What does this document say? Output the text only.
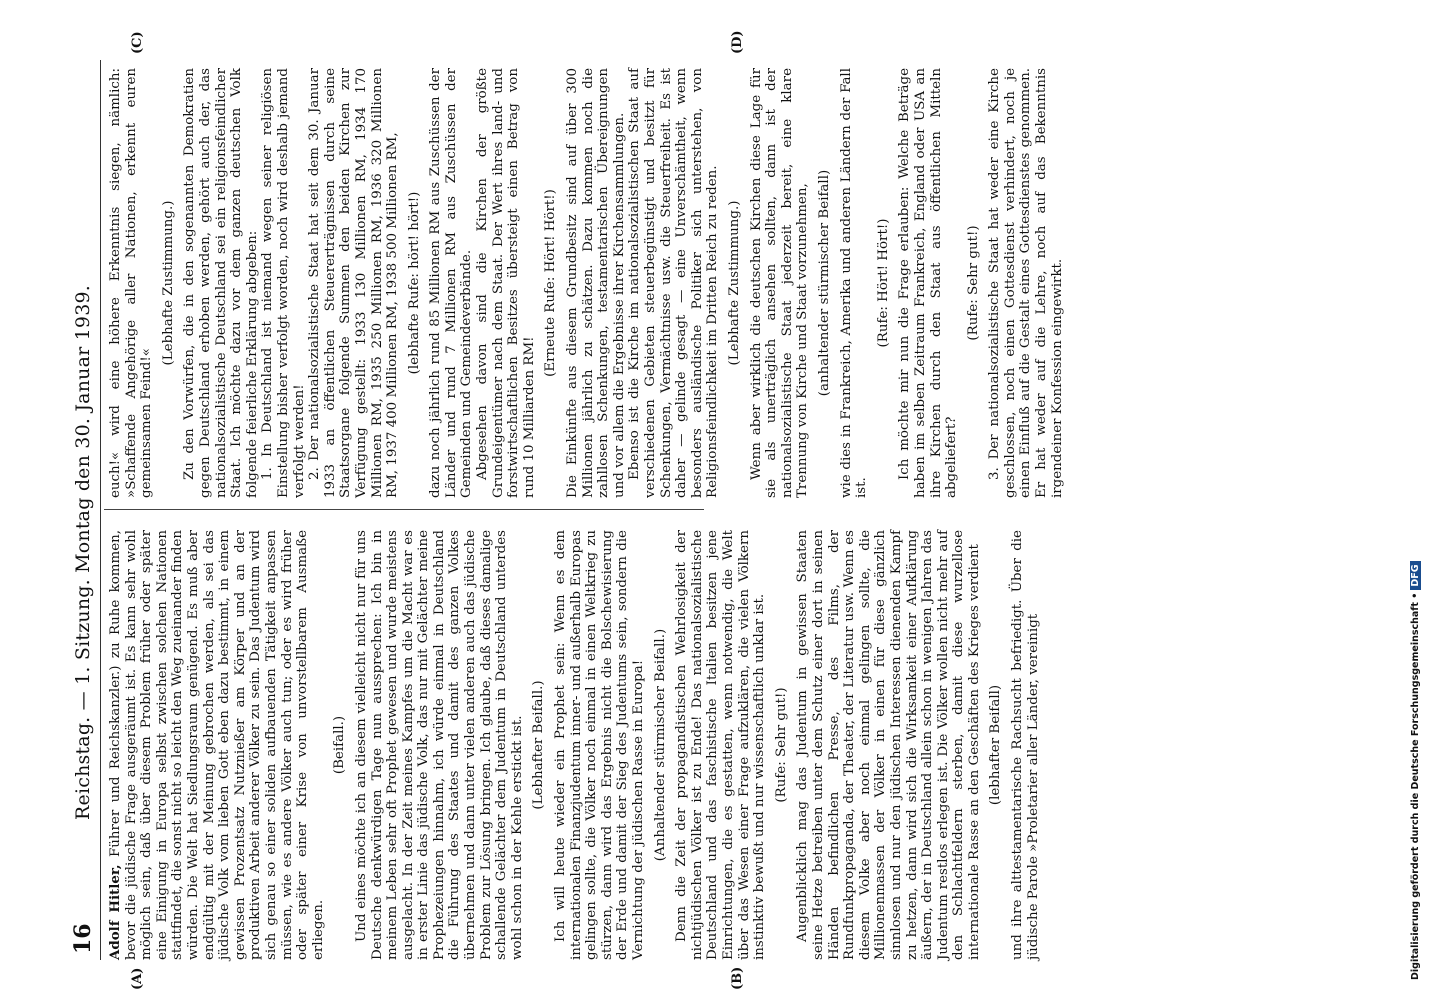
16
Reichstag. — 1. Sitzung. Montag den 30. Januar 1939.
(A)	(B)
(C)	(D)

Adolf Hitler, Führer und Reichskanzler.) zu Ruhe kommen, bevor die jüdische Frage ausgeräumt ist. Es kann sehr wohl möglich sein, daß über diesem Problem früher oder später eine Einigung in Europa selbst zwischen solchen Nationen stattfindet, die sonst nicht so leicht den Weg zueinander finden würden. Die Welt hat Siedlungsraum genügend. Es muß aber endgültig mit der Meinung gebrochen werden, als sei das jüdische Volk vom lieben Gott eben dazu bestimmt, in einem gewissen Prozentsatz Nutznießer am Körper und an der produktiven Arbeit anderer Völker zu sein. Das Judentum wird sich genau so einer soliden aufbauenden Tätigkeit anpassen müssen, wie es andere Völker auch tun; oder es wird früher oder später einer Krise von unvorstellbarem Ausmaße erliegen.

(Beifall.) Und eines möchte ich an diesem vielleicht nicht nur für uns Deutsche denkwürdigen Tage nun aussprechen: Ich bin in meinem Leben sehr oft Prophet gewesen und wurde meistens ausgelacht. In der Zeit meines Kampfes um die Macht war es in erster Linie das jüdische Volk, das nur mit Gelächter meine Prophezeiungen hinnahm, ich würde einmal in Deutschland die Führung des Staates und damit des ganzen Volkes übernehmen und dann unter vielen anderen auch das jüdische Problem zur Lösung bringen. Ich glaube, daß dieses damalige schallende Gelächter dem Judentum in Deutschland unterdes wohl schon in der Kehle erstickt ist. (Lebhafter Beifall.) Ich will heute wieder ein Prophet sein: Wenn es dem internationalen Finanzjudentum inner- und außerhalb Europas gelingen sollte, die Völker noch einmal in einen Weltkrieg zu stürzen, dann wird das Ergebnis nicht die Bolschewisierung der Erde und damit der Sieg des Judentums sein, sondern die Vernichtung der jüdischen Rasse in Europa! (Anhaltender stürmischer Beifall.) Denn die Zeit der propagandistischen Wehrlosigkeit der nichtjüdischen Völker ist zu Ende! Das nationalsozialistische Deutschland und das faschistische Italien besitzen jene Einrichtungen, die es gestatten, wenn notwendig, die Welt über das Wesen einer Frage aufzuklären, die vielen Völkern instinktiv bewußt und nur wissenschaftlich unklar ist. (Rufe: Sehr gut!) Augenblicklich mag das Judentum in gewissen Staaten seine Hetze betreiben unter dem Schutz einer dort in seinen Händen befindlichen Presse, des Films, der Rundfunkpropaganda, der Theater, der Literatur usw. Wenn es diesem Volke aber noch einmal gelingen sollte, die Millionenmassen der Völker in einen für diese gänzlich sinnlosen und nur den jüdischen Interessen dienenden Kampf zu hetzen, dann wird sich die Wirksamkeit einer Aufklärung äußern, der in Deutschland allein schon in wenigen Jahren das Judentum restlos erlegen ist. Die Völker wollen nicht mehr auf den Schlachtfeldern sterben, damit diese wurzellose internationale Rasse an den Geschäften des Krieges verdient (lebhafter Beifall) und ihre alttestamentarische Rachsucht befriedigt. Über die jüdische Parole »Proletarier aller Länder, vereinigt

euch!« wird eine höhere Erkenntnis siegen, nämlich: »Schaffende Angehörige aller Nationen, erkennt euren gemeinsamen Feind!«

(Lebhafte Zustimmung.) Zu den Vorwürfen, die in den sogenannten Demokratien gegen Deutschland erhoben werden, gehört auch der, das nationalsozialistische Deutschland sei ein religionsfeindlicher Staat. Ich möchte dazu vor dem ganzen deutschen Volk folgende feierliche Erklärung abgeben: 1. In Deutschland ist niemand wegen seiner religiösen Einstellung bisher verfolgt worden, noch wird deshalb jemand verfolgt werden! 2. Der nationalsozialistische Staat hat seit dem 30. Januar 1933 an öffentlichen Steuererträgnissen durch seine Staatsorgane folgende Summen den beiden Kirchen zur Verfügung gestellt: 1933 130 Millionen RM, 1934 170 Millionen RM, 1935 250 Millionen RM, 1936 320 Millionen RM, 1937 400 Millionen RM, 1938 500 Millionen RM, (lebhafte Rufe: hört! hört!) dazu noch jährlich rund 85 Millionen RM aus Zuschüssen der Länder und rund 7 Millionen RM aus Zuschüssen der Gemeinden und Gemeindeverbände. Abgesehen davon sind die Kirchen der größte Grundeigentümer nach dem Staat. Der Wert ihres land- und forstwirtschaftlichen Besitzes übersteigt einen Betrag von rund 10 Milliarden RM!

(Erneute Rufe: Hört! Hört!) Die Einkünfte aus diesem Grundbesitz sind auf über 300 Millionen jährlich zu schätzen. Dazu kommen noch die zahllosen Schenkungen, testamentarischen Übereignungen und vor allem die Ergebnisse ihrer Kirchensammlungen. Ebenso ist die Kirche im nationalsozialistischen Staat auf verschiedenen Gebieten steuerbegünstigt und besitzt für Schenkungen, Vermächtnisse usw. die Steuerfreiheit. Es ist daher — gelinde gesagt — eine Unverschämtheit, wenn besonders ausländische Politiker sich unterstehen, von Religionsfeindlichkeit im Dritten Reich zu reden. (Lebhafte Zustimmung.) Wenn aber wirklich die deutschen Kirchen diese Lage für sie als unerträglich ansehen sollten, dann ist der nationalsozialistische Staat jederzeit bereit, eine klare Trennung von Kirche und Staat vorzunehmen, (anhaltender stürmischer Beifall) wie dies in Frankreich, Amerika und anderen Ländern der Fall ist.

(Rufe: Hört! Hört!) Ich möchte mir nun die Frage erlauben: Welche Beträge haben im selben Zeitraum Frankreich, England oder USA an ihre Kirchen durch den Staat aus öffentlichen Mitteln abgeliefert?

(Rufe: Sehr gut!) 3. Der nationalsozialistische Staat hat weder eine Kirche geschlossen, noch einen Gottesdienst verhindert, noch je einen Einfluß auf die Gestalt eines Gottesdienstes genommen. Er hat weder auf die Lehre, noch auf das Bekenntnis irgendeiner Konfession eingewirkt.

Digitalisierung gefördert durch die Deutsche Forschungsgemeinschaft •DFG
